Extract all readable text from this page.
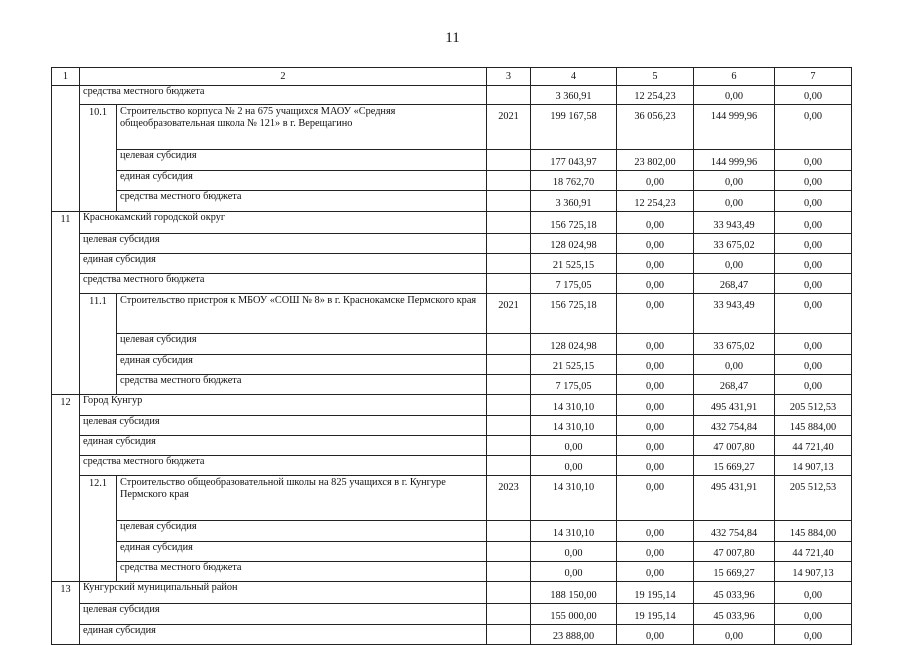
11
1	2		3	4	5	6	7
	средства местного бюджета			3 360,91	12 254,23	0,00	0,00
	10.1	Строительство корпуса № 2 на 675 учащихся МАОУ «Средняя общеобразовательная школа № 121» в г. Верещагино	2021	199 167,58	36 056,23	144 999,96	0,00
		целевая субсидия		177 043,97	23 802,00	144 999,96	0,00
		единая субсидия		18 762,70	0,00	0,00	0,00
		средства местного бюджета		3 360,91	12 254,23	0,00	0,00
11	Краснокамский городской округ			156 725,18	0,00	33 943,49	0,00
	целевая субсидия			128 024,98	0,00	33 675,02	0,00
	единая субсидия			21 525,15	0,00	0,00	0,00
	средства местного бюджета			7 175,05	0,00	268,47	0,00
	11.1	Строительство пристроя к МБОУ «СОШ № 8» в г. Краснокамске Пермского края	2021	156 725,18	0,00	33 943,49	0,00
		целевая субсидия		128 024,98	0,00	33 675,02	0,00
		единая субсидия		21 525,15	0,00	0,00	0,00
		средства местного бюджета		7 175,05	0,00	268,47	0,00
12	Город Кунгур			14 310,10	0,00	495 431,91	205 512,53
	целевая субсидия			14 310,10	0,00	432 754,84	145 884,00
	единая субсидия			0,00	0,00	47 007,80	44 721,40
	средства местного бюджета			0,00	0,00	15 669,27	14 907,13
	12.1	Строительство общеобразовательной школы на 825 учащихся в г. Кунгуре Пермского края	2023	14 310,10	0,00	495 431,91	205 512,53
		целевая субсидия		14 310,10	0,00	432 754,84	145 884,00
		единая субсидия		0,00	0,00	47 007,80	44 721,40
		средства местного бюджета		0,00	0,00	15 669,27	14 907,13
13	Кунгурский муниципальный район			188 150,00	19 195,14	45 033,96	0,00
	целевая субсидия			155 000,00	19 195,14	45 033,96	0,00
	единая субсидия			23 888,00	0,00	0,00	0,00
